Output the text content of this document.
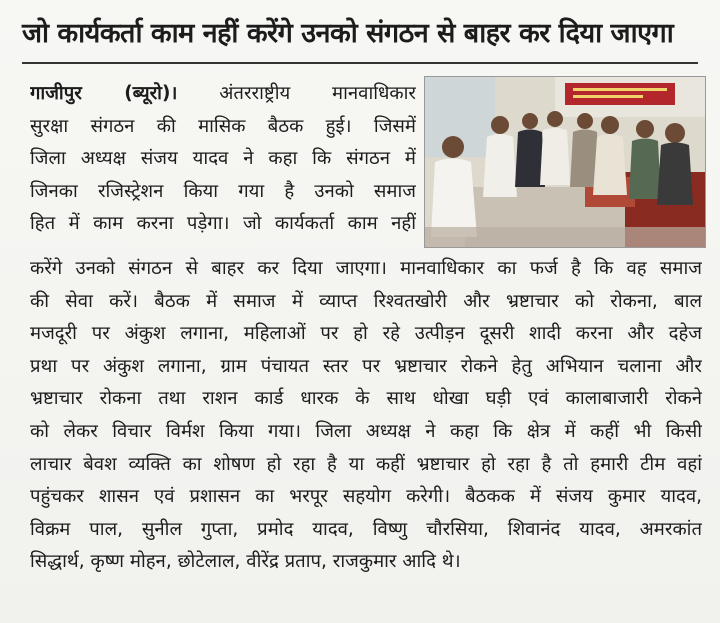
जो कार्यकर्ता काम नहीं करेंगे उनको संगठन से बाहर कर दिया जाएगा
गाजीपुर (ब्यूरो)। अंतरराष्ट्रीय मानवाधिकार
सुरक्षा संगठन की मासिक बैठक हुई। जिसमें
जिला अध्यक्ष संजय यादव ने कहा कि संगठन में
जिनका रजिस्ट्रेशन किया गया है उनको समाज
हित में काम करना पड़ेगा। जो कार्यकर्ता काम नहीं
करेंगे उनको संगठन से बाहर कर दिया जाएगा। मानवाधिकार का फर्ज है कि वह समाज
की सेवा करें। बैठक में समाज में व्याप्त रिश्वतखोरी और भ्रष्टाचार को रोकना, बाल
मजदूरी पर अंकुश लगाना, महिलाओं पर हो रहे उत्पीड़न दूसरी शादी करना और दहेज
प्रथा पर अंकुश लगाना, ग्राम पंचायत स्तर पर भ्रष्टाचार रोकने हेतु अभियान चलाना और
भ्रष्टाचार रोकना तथा राशन कार्ड धारक के साथ धोखा घड़ी एवं कालाबाजारी रोकने
को लेकर विचार विर्मश किया गया। जिला अध्यक्ष ने कहा कि क्षेत्र में कहीं भी किसी
लाचार बेवश व्यक्ति का शोषण हो रहा है या कहीं भ्रष्टाचार हो रहा है तो हमारी टीम वहां
पहुंचकर शासन एवं प्रशासन का भरपूर सहयोग करेगी। बैठकक में संजय कुमार यादव,
विक्रम पाल, सुनील गुप्ता, प्रमोद यादव, विष्णु चौरसिया, शिवानंद यादव, अमरकांत
सिद्धार्थ, कृष्ण मोहन, छोटेलाल, वीरेंद्र प्रताप, राजकुमार आदि थे।
